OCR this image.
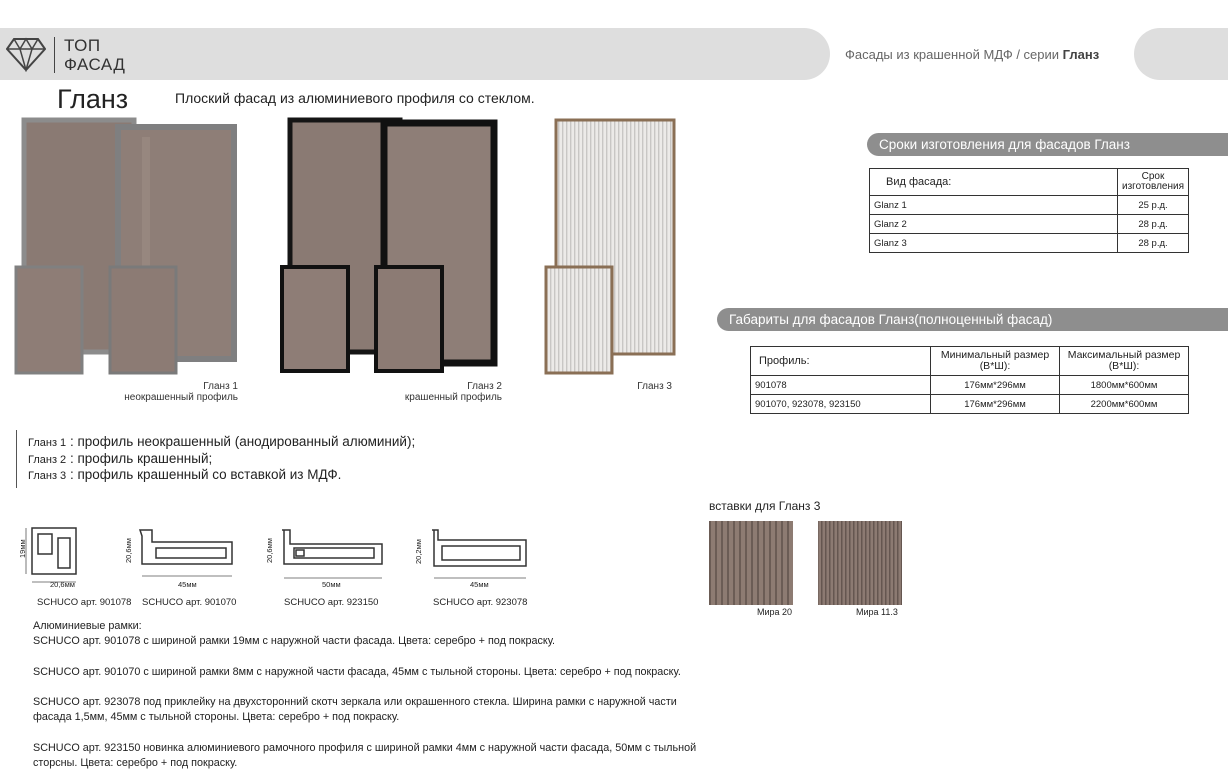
ТОП
ФАСАД
Фасады из крашенной МДФ / серии Гланз
Гланз	Плоский фасад из алюминиевого профиля со стеклом.
Гланз 1
неокрашенный профиль
Гланз 2
крашенный профиль
Гланз 3
Сроки изготовления для фасадов Гланз
Вид фасада:	Срок изготовления
Glanz 1	25 р.д.
Glanz 2	28 р.д.
Glanz 3	28 р.д.
Габариты для фасадов Гланз(полноценный фасад)
Профиль:	Минимальный размер (В*Ш):	Максимальный размер (В*Ш):
901078	176мм*296мм	1800мм*600мм
901070, 923078, 923150	176мм*296мм	2200мм*600мм
Гланз 1 : профиль неокрашенный (анодированный алюминий);
Гланз 2 : профиль крашенный;
Гланз 3 : профиль крашенный со вставкой из МДФ.
19мм
20,6мм
20,6мм
45мм
20,6мм
50мм
20,2мм
45мм
SCHUCO арт. 901078 SCHUCO арт. 901070	SCHUCO арт. 923150	SCHUCO арт. 923078
вставки для Гланз 3
Мира 20	Мира 11.3
Алюминиевые рамки:
SCHUCO арт. 901078 с шириной рамки 19мм с наружной части фасада. Цвета: серебро + под покраску.
SCHUCO арт. 901070 с шириной рамки 8мм с наружной части фасада, 45мм с тыльной стороны. Цвета: серебро + под покраску.
SCHUCO арт. 923078 под приклейку на двухсторонний скотч зеркала или окрашенного стекла. Ширина рамки с наружной части фасада 1,5мм, 45мм с тыльной стороны. Цвета: серебро + под покраску.
SCHUCO арт. 923150 новинка алюминиевого рамочного профиля с шириной рамки 4мм с наружной части фасада, 50мм с тыльной сторсны. Цвета: серебро + под покраску.
